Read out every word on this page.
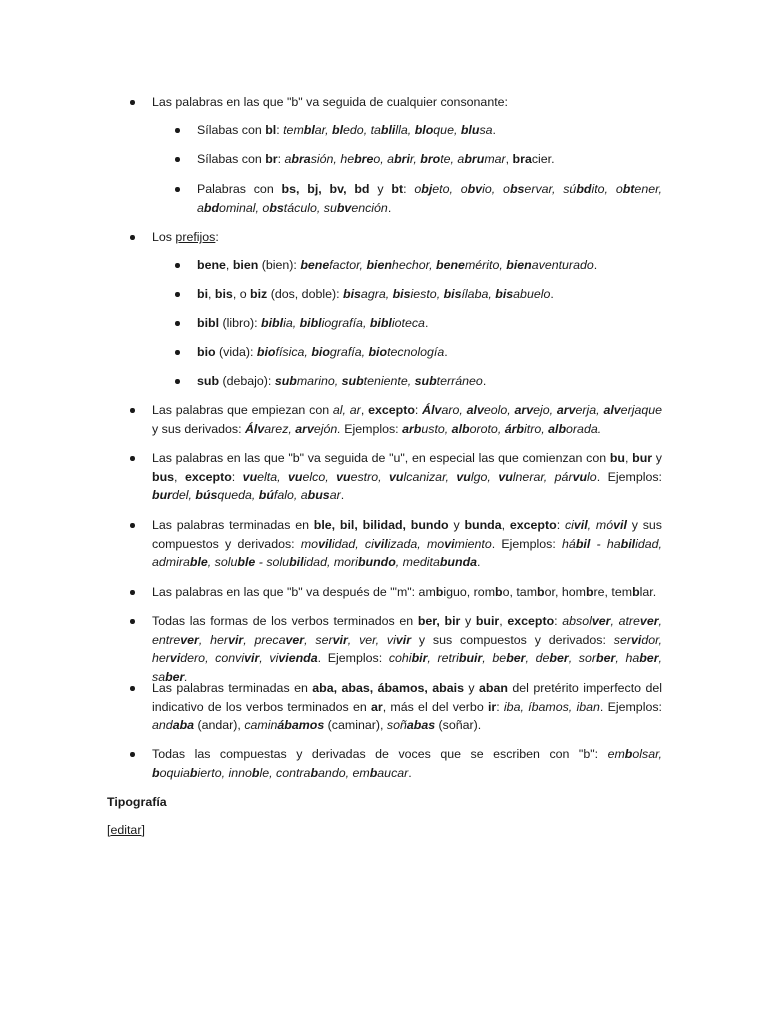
Tipografía

[editar]

Las palabras en las que "b" va seguida de cualquier consonante:

Sílabas con bl: temblar, bledo, tablilla, bloque, blusa.

Sílabas con br: abrasión, hebreo, abrir, brote, abrumar, bracier.

Palabras con bs, bj, bv, bd y bt: objeto, obvio, observar, súbdito, obtener, abdominal, obstáculo, subvención.

Los prefijos:

bene, bien (bien): benefactor, bienhechor, benemérito, bienaventurado.

bi, bis, o biz (dos, doble): bisagra, bisiesto, bisílaba, bisabuelo.

bibl (libro): biblia, bibliografía, biblioteca.

bio (vida): biofísica, biografía, biotecnología.

sub (debajo): submarino, subteniente, subterráneo.

Las palabras que empiezan con al, ar, excepto: Álvaro, alveolo, arvejo, arverja, alverjaque y sus derivados: Álvarez, arvejón. Ejemplos: arbusto, alboroto, árbitro, alborada.

Las palabras en las que "b" va seguida de "u", en especial las que comienzan con bu, bur y bus, excepto: vuelta, vuelco, vuestro, vulcanizar, vulgo, vulnerar, párvulo. Ejemplos: burdel, búsqueda, búfalo, abusar.

Las palabras terminadas en ble, bil, bilidad, bundo y bunda, excepto: civil, móvil y sus compuestos y derivados: movilidad, civilizada, movimiento. Ejemplos: hábil - habilidad, admirable, soluble - solubilidad, moribundo, meditabunda.

Las palabras en las que "b" va después de '"m": ambiguo, rombo, tambor, hombre, temblar.

Todas las formas de los verbos terminados en ber, bir y buir, excepto: absolver, atrever, entrever, hervir, precaver, servir, ver, vivir y sus compuestos y derivados: servidor, hervidero, convivir, vivienda. Ejemplos: cohibir, retribuir, beber, deber, sorber, haber, saber.

Las palabras terminadas en aba, abas, ábamos, abais y aban del pretérito imperfecto del indicativo de los verbos terminados en ar, más el del verbo ir: iba, íbamos, iban. Ejemplos: andaba (andar), caminábamos (caminar), soñabas (soñar).

Todas las compuestas y derivadas de voces que se escriben con "b": embolsar, boquiabierto, innoble, contrabando, embaucar.
